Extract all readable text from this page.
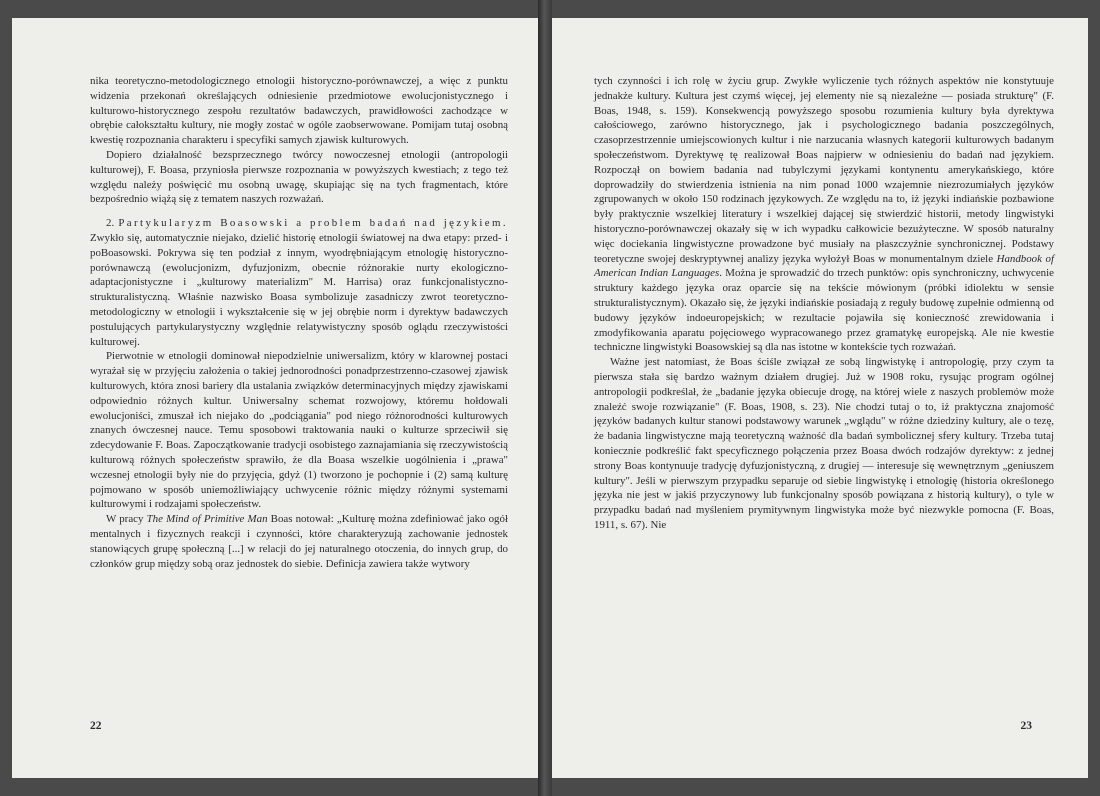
nika teoretyczno-metodologicznego etnologii historyczno-porównawczej, a więc z punktu widzenia przekonań określających odniesienie przedmiotowe ewolucjonistycznego i kulturowo-historycznego zespołu rezultatów badawczych, prawidłowości zachodzące w obrębie całokształtu kultury, nie mogły zostać w ogóle zaobserwowane. Pomijam tutaj osobną kwestię rozpoznania charakteru i specyfiki samych zjawisk kulturowych.

Dopiero działalność bezsprzecznego twórcy nowoczesnej etnologii (antropologii kulturowej), F. Boasa, przyniosła pierwsze rozpoznania w powyższych kwestiach; z tego też względu należy poświęcić mu osobną uwagę, skupiając się na tych fragmentach, które bezpośrednio wiążą się z tematem naszych rozważań.

2. Partykularyzm Boasowski a problem badań nad językiem. Zwykło się, automatycznie niejako, dzielić historię etnologii światowej na dwa etapy: przed- i poBoasowski. Pokrywa się ten podział z innym, wyodrębniającym etnologię historyczno-porównawczą (ewolucjonizm, dyfuzjonizm, obecnie różnorakie nurty ekologiczno-adaptacjonistyczne i „kulturowy materializm" M. Harrisa) oraz funkcjonalistyczno-strukturalistyczną. Właśnie nazwisko Boasa symbolizuje zasadniczy zwrot teoretyczno-metodologiczny w etnologii i wykształcenie się w jej obrębie norm i dyrektyw badawczych postulujących partykularystyczny względnie relatywistyczny sposób oglądu rzeczywistości kulturowej.

Pierwotnie w etnologii dominował niepodzielnie uniwersalizm, który w klarownej postaci wyrażał się w przyjęciu założenia o takiej jednorodności ponadprzestrzenno-czasowej zjawisk kulturowych, która znosi bariery dla ustalania związków determinacyjnych między zjawiskami odpowiednio różnych kultur. Uniwersalny schemat rozwojowy, któremu hołdowali ewolucjoniści, zmuszał ich niejako do „podciągania" pod niego różnorodności kulturowych znanych ówczesnej nauce. Temu sposobowi traktowania nauki o kulturze sprzeciwił się zdecydowanie F. Boas. Zapoczątkowanie tradycji osobistego zaznajamiania się rzeczywistością kulturową różnych społeczeństw sprawiło, że dla Boasa wszelkie uogólnienia i „prawa" wczesnej etnologii były nie do przyjęcia, gdyż (1) tworzono je pochopnie i (2) samą kulturę pojmowano w sposób uniemożliwiający uchwycenie różnic między różnymi systemami kulturowymi i rodzajami społeczeństw.

W pracy The Mind of Primitive Man Boas notował: „Kulturę można zdefiniować jako ogół mentalnych i fizycznych reakcji i czynności, które charakteryzują zachowanie jednostek stanowiących grupę społeczną [...] w relacji do jej naturalnego otoczenia, do innych grup, do członków grup między sobą oraz jednostek do siebie. Definicja zawiera także wytwory

22

tych czynności i ich rolę w życiu grup. Zwykłe wyliczenie tych różnych aspektów nie konstytuuje jednakże kultury. Kultura jest czymś więcej, jej elementy nie są niezależne — posiada strukturę" (F. Boas, 1948, s. 159). Konsekwencją powyższego sposobu rozumienia kultury była dyrektywa całościowego, zarówno historycznego, jak i psychologicznego badania poszczególnych, czasoprzestrzennie umiejscowionych kultur i nie narzucania własnych kategorii kulturowych badanym społeczeństwom. Dyrektywę tę realizował Boas najpierw w odniesieniu do badań nad językiem. Rozpoczął on bowiem badania nad tubylczymi językami kontynentu amerykańskiego, które doprowadziły do stwierdzenia istnienia na nim ponad 1000 wzajemnie niezrozumiałych języków zgrupowanych w około 150 rodzinach językowych. Ze względu na to, iż języki indiańskie pozbawione były praktycznie wszelkiej literatury i wszelkiej dającej się stwierdzić historii, metody lingwistyki historyczno-porównawczej okazały się w ich wypadku całkowicie bezużyteczne. W sposób naturalny więc dociekania lingwistyczne prowadzone być musiały na płaszczyźnie synchronicznej. Podstawy teoretyczne swojej deskryptywnej analizy języka wyłożył Boas w monumentalnym dziele Handbook of American Indian Languages. Można je sprowadzić do trzech punktów: opis synchroniczny, uchwycenie struktury każdego języka oraz oparcie się na tekście mówionym (próbki idiolektu w sensie strukturalistycznym). Okazało się, że języki indiańskie posiadają z reguły budowę zupełnie odmienną od budowy języków indoeuropejskich; w rezultacie pojawiła się konieczność zrewidowania i zmodyfikowania aparatu pojęciowego wypracowanego przez gramatykę europejską. Ale nie kwestie techniczne lingwistyki Boasowskiej są dla nas istotne w kontekście tych rozważań.

Ważne jest natomiast, że Boas ściśle związał ze sobą lingwistykę i antropologię, przy czym ta pierwsza stała się bardzo ważnym działem drugiej. Już w 1908 roku, rysując program ogólnej antropologii podkreślał, że „badanie języka obiecuje drogę, na której wiele z naszych problemów może znaleźć swoje rozwiązanie" (F. Boas, 1908, s. 23). Nie chodzi tutaj o to, iż praktyczna znajomość języków badanych kultur stanowi podstawowy warunek „wglądu" w różne dziedziny kultury, ale o tezę, że badania lingwistyczne mają teoretyczną ważność dla badań symbolicznej sfery kultury. Trzeba tutaj koniecznie podkreślić fakt specyficznego połączenia przez Boasa dwóch rodzajów dyrektyw: z jednej strony Boas kontynuuje tradycję dyfuzjonistyczną, z drugiej — interesuje się wewnętrznym „geniuszem kultury". Jeśli w pierwszym przypadku separuje od siebie lingwistykę i etnologię (historia określonego języka nie jest w jakiś przyczynowy lub funkcjonalny sposób powiązana z historią kultury), o tyle w przypadku badań nad myśleniem prymitywnym lingwistyka może być niezwykle pomocna (F. Boas, 1911, s. 67). Nie

23
